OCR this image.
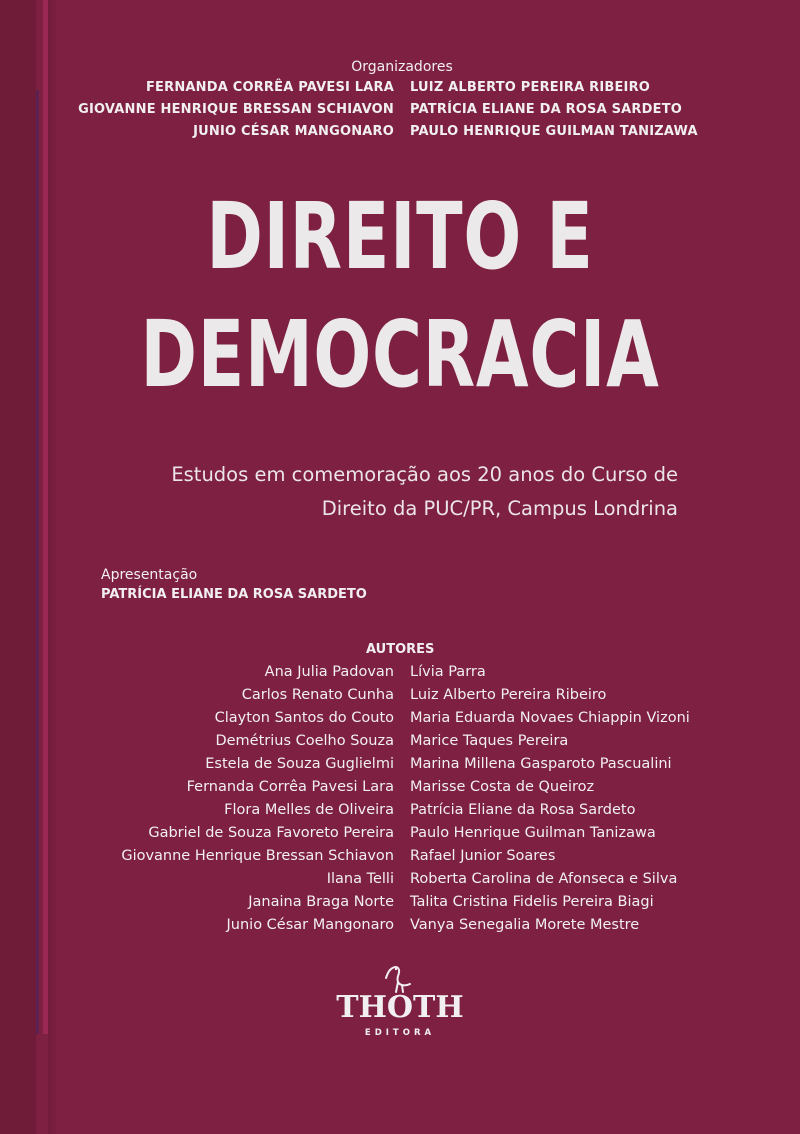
Organizadores
FERNANDA CORRÊA PAVESI LARA LUIZ ALBERTO PEREIRA RIBEIRO
GIOVANNE HENRIQUE BRESSAN SCHIAVON PATRÍCIA ELIANE DA ROSA SARDETO
JUNIO CÉSAR MANGONARO PAULO HENRIQUE GUILMAN TANIZAWA
DIREITO E
DEMOCRACIA
Estudos em comemoração aos 20 anos do Curso de
Direito da PUC/PR, Campus Londrina
Apresentação
PATRÍCIA ELIANE DA ROSA SARDETO
AUTORES
Ana Julia Padovan Lívia Parra
Carlos Renato Cunha Luiz Alberto Pereira Ribeiro
Clayton Santos do Couto Maria Eduarda Novaes Chiappin Vizoni
Demétrius Coelho Souza Marice Taques Pereira
Estela de Souza Guglielmi Marina Millena Gasparoto Pascualini
Fernanda Corrêa Pavesi Lara Marisse Costa de Queiroz
Flora Melles de Oliveira Patrícia Eliane da Rosa Sardeto
Gabriel de Souza Favoreto Pereira Paulo Henrique Guilman Tanizawa
Giovanne Henrique Bressan Schiavon Rafael Junior Soares
Ilana Telli Roberta Carolina de Afonseca e Silva
Janaina Braga Norte Talita Cristina Fidelis Pereira Biagi
Junio César Mangonaro Vanya Senegalia Morete Mestre
THOTH
EDITORA
